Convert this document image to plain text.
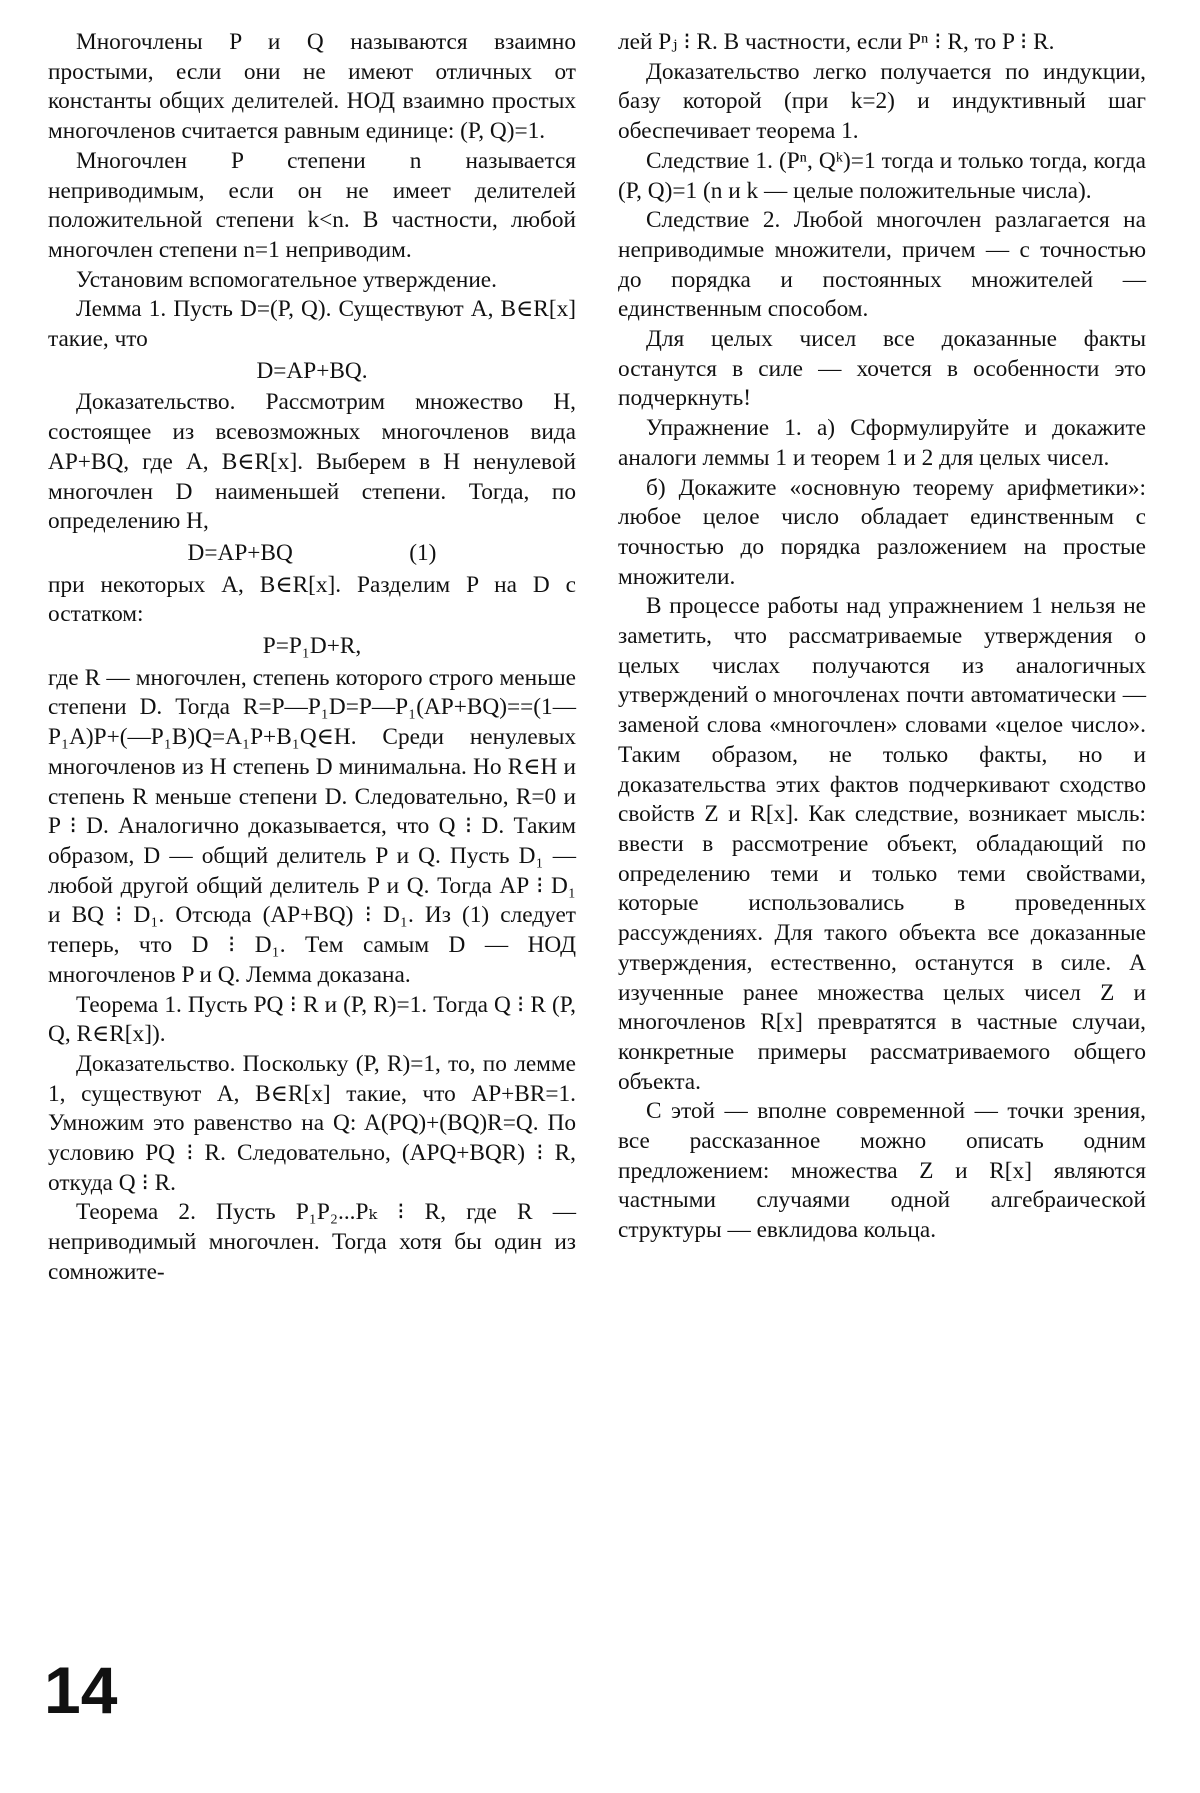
Многочлены P и Q называются взаимно простыми, если они не имеют отличных от константы общих делителей. НОД взаимно простых многочленов считается равным единице: (P, Q)=1.

Многочлен P степени n называется неприводимым, если он не имеет делителей положительной степени k<n. В частности, любой многочлен степени n=1 неприводим.

Установим вспомогательное утверждение.

Лемма 1. Пусть D=(P, Q). Существуют A, B∈R[x] такие, что

D=AP+BQ.

Доказательство. Рассмотрим множество H, состоящее из всевозможных многочленов вида AP+BQ, где A, B∈R[x]. Выберем в H ненулевой многочлен D наименьшей степени. Тогда, по определению H,

D=AP+BQ                    (1)

при некоторых A, B∈R[x]. Разделим P на D с остатком:

P=P₁D+R,

где R — многочлен, степень которого строго меньше степени D. Тогда R=P—P₁D=P—P₁(AP+BQ)==(1—P₁A)P+(—P₁B)Q=A₁P+B₁Q∈H. Среди ненулевых многочленов из H степень D минимальна. Но R∈H и степень R меньше степени D. Следовательно, R=0 и P ⁝ D. Аналогично доказывается, что Q ⁝ D. Таким образом, D — общий делитель P и Q. Пусть D₁ — любой другой общий делитель P и Q. Тогда AP ⁝ D₁ и BQ ⁝ D₁. Отсюда (AP+BQ) ⁝ D₁. Из (1) следует теперь, что D ⁝ D₁. Тем самым D — НОД многочленов P и Q. Лемма доказана.

Теорема 1. Пусть PQ ⁝ R и (P, R)=1. Тогда Q ⁝ R (P, Q, R∈R[x]).

Доказательство. Поскольку (P, R)=1, то, по лемме 1, существуют A, B∈R[x] такие, что AP+BR=1. Умножим это равенство на Q: A(PQ)+(BQ)R=Q. По условию PQ ⁝ R. Следовательно, (APQ+BQR) ⁝ R, откуда Q ⁝ R.

Теорема 2. Пусть P₁P₂...Pₖ ⁝ R, где R — неприводимый многочлен. Тогда хотя бы один из сомножите-

лей Pⱼ ⁝ R. В частности, если Pⁿ ⁝ R, то P ⁝ R.

Доказательство легко получается по индукции, базу которой (при k=2) и индуктивный шаг обеспечивает теорема 1.

Следствие 1. (Pⁿ, Qᵏ)=1 тогда и только тогда, когда (P, Q)=1 (n и k — целые положительные числа).

Следствие 2. Любой многочлен разлагается на неприводимые множители, причем — с точностью до порядка и постоянных множителей — единственным способом.

Для целых чисел все доказанные факты останутся в силе — хочется в особенности это подчеркнуть!

Упражнение 1. а) Сформулируйте и докажите аналоги леммы 1 и теорем 1 и 2 для целых чисел.

б) Докажите «основную теорему арифметики»: любое целое число обладает единственным с точностью до порядка разложением на простые множители.

В процессе работы над упражнением 1 нельзя не заметить, что рассматриваемые утверждения о целых числах получаются из аналогичных утверждений о многочленах почти автоматически — заменой слова «многочлен» словами «целое число». Таким образом, не только факты, но и доказательства этих фактов подчеркивают сходство свойств Z и R[x]. Как следствие, возникает мысль: ввести в рассмотрение объект, обладающий по определению теми и только теми свойствами, которые использовались в проведенных рассуждениях. Для такого объекта все доказанные утверждения, естественно, останутся в силе. А изученные ранее множества целых чисел Z и многочленов R[x] превратятся в частные случаи, конкретные примеры рассматриваемого общего объекта.

С этой — вполне современной — точки зрения, все рассказанное можно описать одним предложением: множества Z и R[x] являются частными случаями одной алгебраической структуры — евклидова кольца.

14
